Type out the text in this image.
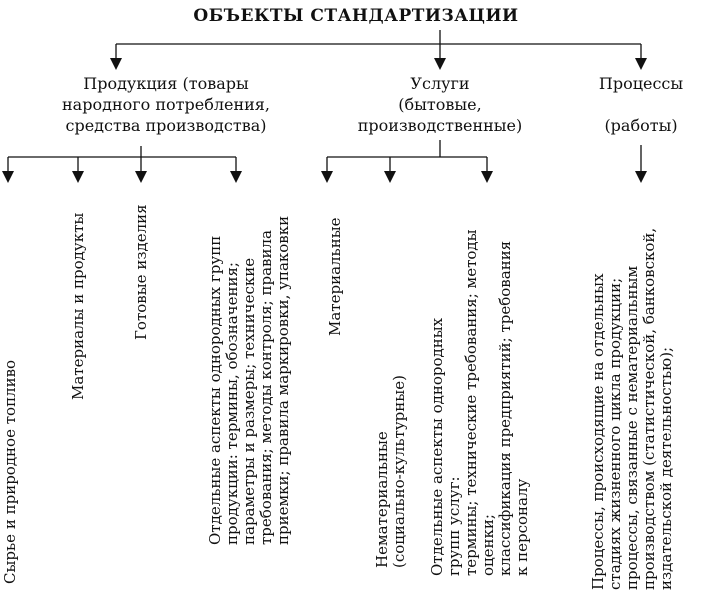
ОБЪЕКТЫ СТАНДАРТИЗАЦИИ
Продукция (товары
народного потребления,
средства производства)
Услуги
(бытовые,
производственные)
Процессы

(работы)
Сырье и природное топливо
Материалы и продукты	Готовые изделия	Отдельные аспекты однородных групп продукции: термины, обозначения; параметры и размеры; технические требования; методы контроля; правила приемки; правила маркировки, упаковки Материальные
Нематериальные (социально-культурные) Отдельные аспекты однородных групп услуг: термины; технические требования; методы оценки; классификация предприятий; требования к персоналу	Процессы, происходящие на отдельных стадиях жизненного цикла продукции; процессы, связанные с нематериальным производством (статистической, банковской, издательской деятельностью);
